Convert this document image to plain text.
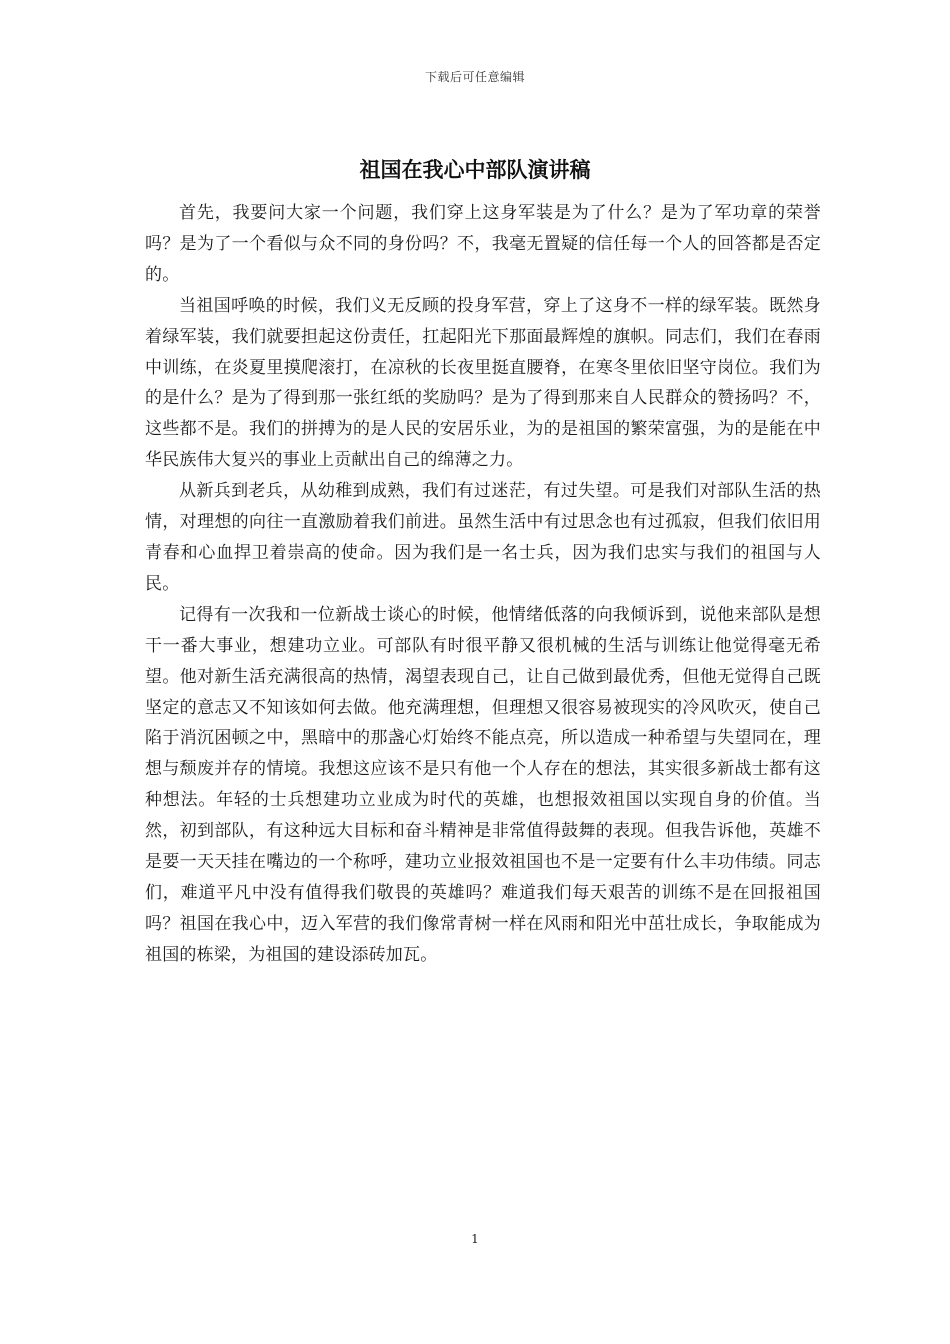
下载后可任意编辑
祖国在我心中部队演讲稿

首先，我要问大家一个问题，我们穿上这身军装是为了什么？是为了军功章的荣誉吗？是为了一个看似与众不同的身份吗？不，我毫无置疑的信任每一个人的回答都是否定的。

当祖国呼唤的时候，我们义无反顾的投身军营，穿上了这身不一样的绿军装。既然身着绿军装，我们就要担起这份责任，扛起阳光下那面最辉煌的旗帜。同志们，我们在春雨中训练，在炎夏里摸爬滚打，在凉秋的长夜里挺直腰脊，在寒冬里依旧坚守岗位。我们为的是什么？是为了得到那一张红纸的奖励吗？是为了得到那来自人民群众的赞扬吗？不，这些都不是。我们的拼搏为的是人民的安居乐业，为的是祖国的繁荣富强，为的是能在中华民族伟大复兴的事业上贡献出自己的绵薄之力。

从新兵到老兵，从幼稚到成熟，我们有过迷茫，有过失望。可是我们对部队生活的热情，对理想的向往一直激励着我们前进。虽然生活中有过思念也有过孤寂，但我们依旧用青春和心血捍卫着崇高的使命。因为我们是一名士兵，因为我们忠实与我们的祖国与人民。

记得有一次我和一位新战士谈心的时候，他情绪低落的向我倾诉到，说他来部队是想干一番大事业，想建功立业。可部队有时很平静又很机械的生活与训练让他觉得毫无希望。他对新生活充满很高的热情，渴望表现自己，让自己做到最优秀，但他无觉得自己既坚定的意志又不知该如何去做。他充满理想，但理想又很容易被现实的冷风吹灭，使自己陷于消沉困顿之中，黑暗中的那盏心灯始终不能点亮，所以造成一种希望与失望同在，理想与颓废并存的情境。我想这应该不是只有他一个人存在的想法，其实很多新战士都有这种想法。年轻的士兵想建功立业成为时代的英雄，也想报效祖国以实现自身的价值。当然，初到部队，有这种远大目标和奋斗精神是非常值得鼓舞的表现。但我告诉他，英雄不是要一天天挂在嘴边的一个称呼，建功立业报效祖国也不是一定要有什么丰功伟绩。同志们，难道平凡中没有值得我们敬畏的英雄吗？难道我们每天艰苦的训练不是在回报祖国吗？祖国在我心中，迈入军营的我们像常青树一样在风雨和阳光中茁壮成长，争取能成为祖国的栋梁，为祖国的建设添砖加瓦。

1
